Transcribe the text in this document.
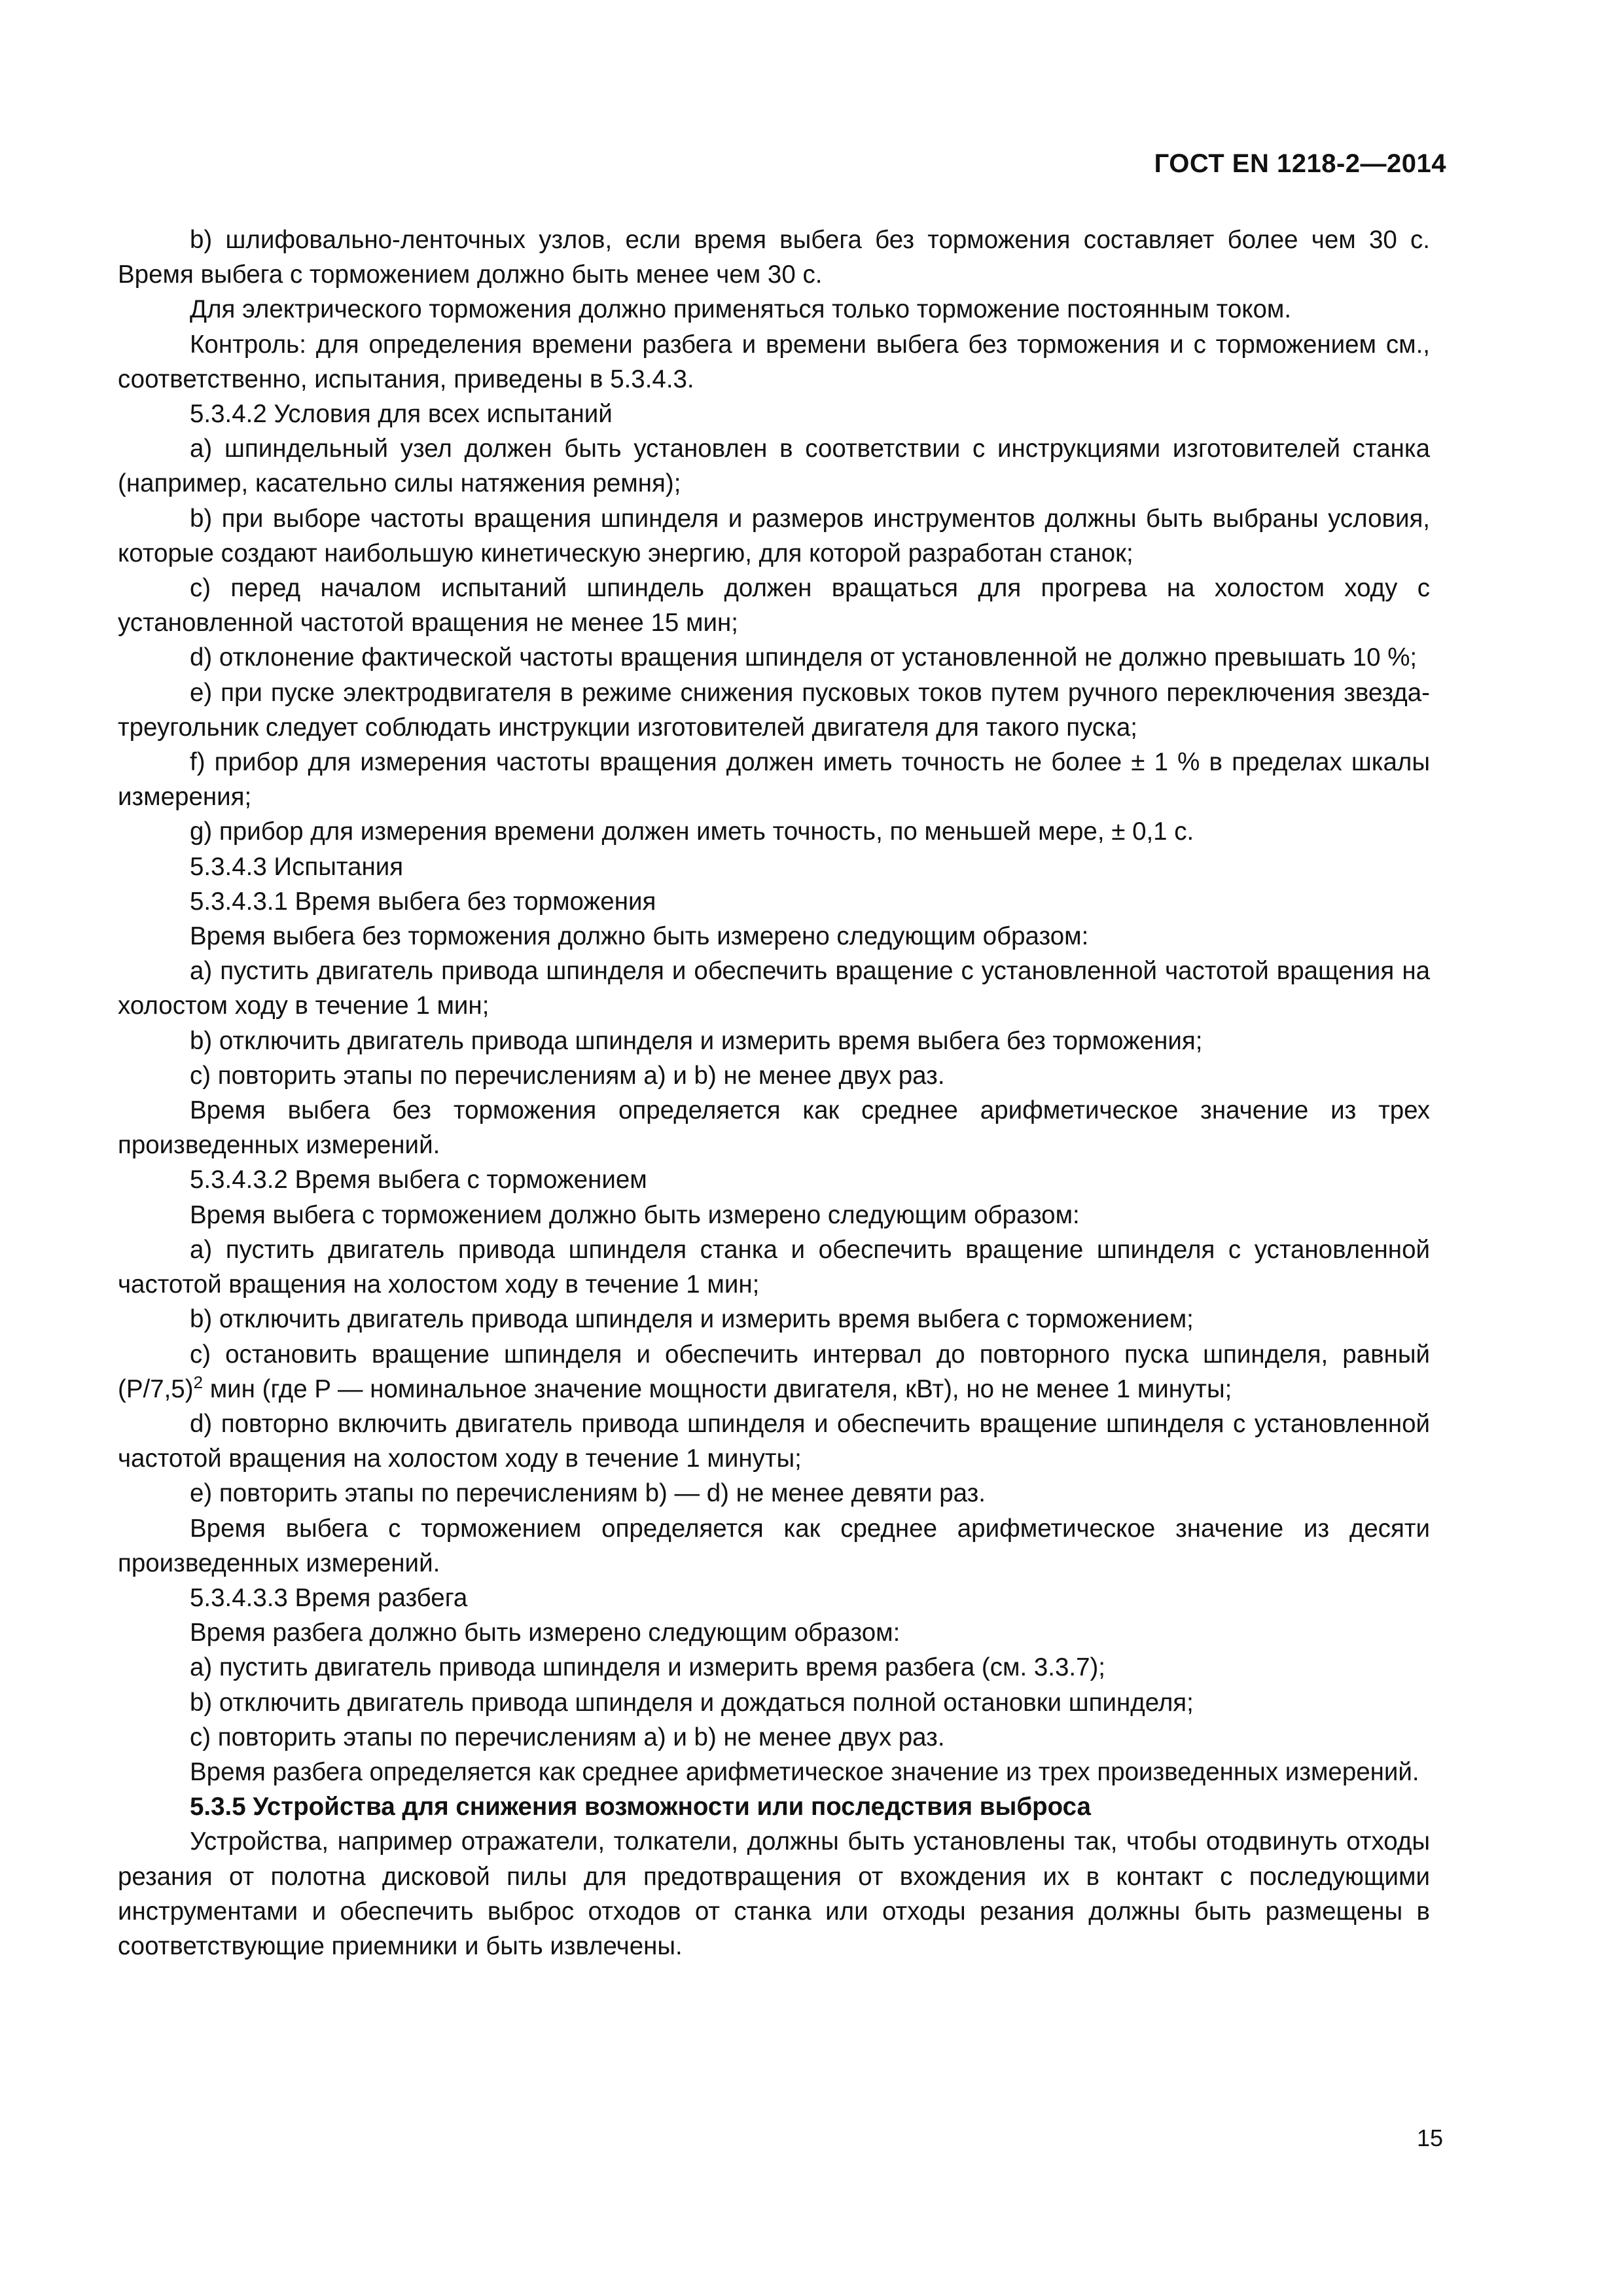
ГОСТ EN 1218-2—2014

b) шлифовально-ленточных узлов, если время выбега без торможения составляет более чем 30 с. Время выбега с торможением должно быть менее чем 30 с.

Для электрического торможения должно применяться только торможение постоянным током.

Контроль: для определения времени разбега и времени выбега без торможения и с торможением см., соответственно, испытания, приведены в 5.3.4.3.

5.3.4.2 Условия для всех испытаний

a) шпиндельный узел должен быть установлен в соответствии с инструкциями изготовителей станка (например, касательно силы натяжения ремня);

b) при выборе частоты вращения шпинделя и размеров инструментов должны быть выбраны условия, которые создают наибольшую кинетическую энергию, для которой разработан станок;

c) перед началом испытаний шпиндель должен вращаться для прогрева на холостом ходу с установленной частотой вращения не менее 15 мин;

d) отклонение фактической частоты вращения шпинделя от установленной не должно превышать 10 %;

e) при пуске электродвигателя в режиме снижения пусковых токов путем ручного переключения звезда-треугольник следует соблюдать инструкции изготовителей двигателя для такого пуска;

f) прибор для измерения частоты вращения должен иметь точность не более ± 1 % в пределах шкалы измерения;

g) прибор для измерения времени должен иметь точность, по меньшей мере, ± 0,1 с.

5.3.4.3 Испытания

5.3.4.3.1 Время выбега без торможения

Время выбега без торможения должно быть измерено следующим образом:

a) пустить двигатель привода шпинделя и обеспечить вращение с установленной частотой вращения на холостом ходу в течение 1 мин;

b) отключить двигатель привода шпинделя и измерить время выбега без торможения;

c) повторить этапы по перечислениям a) и b) не менее двух раз.

Время выбега без торможения определяется как среднее арифметическое значение из трех произведенных измерений.

5.3.4.3.2 Время выбега с торможением

Время выбега с торможением должно быть измерено следующим образом:

a) пустить двигатель привода шпинделя станка и обеспечить вращение шпинделя с установленной частотой вращения на холостом ходу в течение 1 мин;

b) отключить двигатель привода шпинделя и измерить время выбега с торможением;

c) остановить вращение шпинделя и обеспечить интервал до повторного пуска шпинделя, равный $(P/7,5)^2$ мин (где P — номинальное значение мощности двигателя, кВт), но не менее 1 минуты;

d) повторно включить двигатель привода шпинделя и обеспечить вращение шпинделя с установленной частотой вращения на холостом ходу в течение 1 минуты;

e) повторить этапы по перечислениям b) — d) не менее девяти раз.

Время выбега с торможением определяется как среднее арифметическое значение из десяти произведенных измерений.

5.3.4.3.3 Время разбега

Время разбега должно быть измерено следующим образом:

a) пустить двигатель привода шпинделя и измерить время разбега (см. 3.3.7);

b) отключить двигатель привода шпинделя и дождаться полной остановки шпинделя;

c) повторить этапы по перечислениям a) и b) не менее двух раз.

Время разбега определяется как среднее арифметическое значение из трех произведенных измерений.

5.3.5 Устройства для снижения возможности или последствия выброса

Устройства, например отражатели, толкатели, должны быть установлены так, чтобы отодвинуть отходы резания от полотна дисковой пилы для предотвращения от вхождения их в контакт с последующими инструментами и обеспечить выброс отходов от станка или отходы резания должны быть размещены в соответствующие приемники и быть извлечены.

15
